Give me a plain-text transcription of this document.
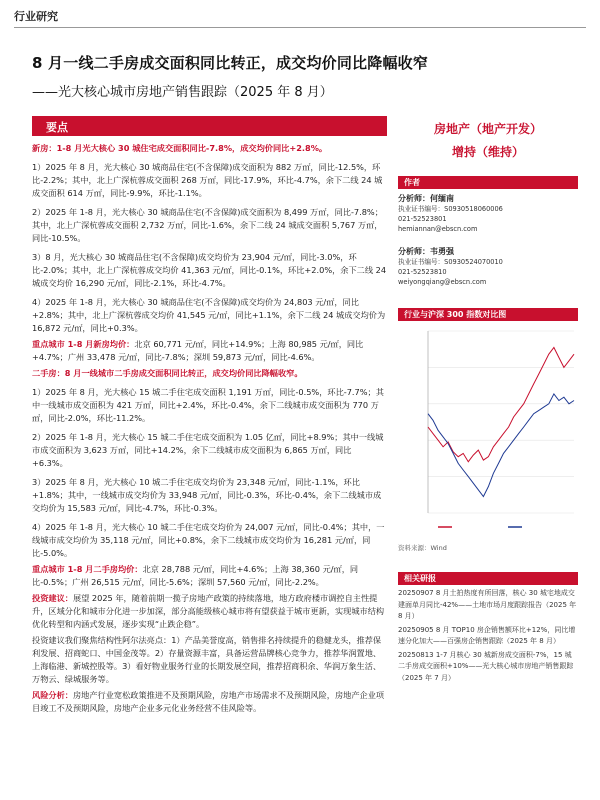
行业研究
8 月一线二手房成交面积同比转正，成交均价同比降幅收窄
——光大核心城市房地产销售跟踪（2025 年 8 月）
要点

新房：1-8 月光大核心 30 城住宅成交面积同比-7.8%，成交均价同比+2.8%。

1）2025 年 8 月，光大核心 30 城商品住宅(不含保障)成交面积为 882 万㎡，同比-12.5%，环比-2.2%；其中，北上广深杭蓉成交面积 268 万㎡，同比-17.9%，环比-4.7%，余下二线 24 城成交面积 614 万㎡，同比-9.9%，环比-1.1%。

2）2025 年 1-8 月，光大核心 30 城商品住宅(不含保障)成交面积为 8,499 万㎡，同比-7.8%；其中，北上广深杭蓉成交面积 2,732 万㎡，同比-1.6%，余下二线 24 城成交面积 5,767 万㎡，同比-10.5%。

3）8 月，光大核心 30 城商品住宅(不含保障)成交均价为 23,904 元/㎡，同比-3.0%，环比-2.0%；其中，北上广深杭蓉成交均价 41,363 元/㎡，同比-0.1%，环比+2.0%，余下二线 24 城成交均价 16,290 元/㎡，同比-2.1%，环比-4.7%。

4）2025 年 1-8 月，光大核心 30 城商品住宅(不含保障)成交均价为 24,803 元/㎡，同比+2.8%；其中，北上广深杭蓉成交均价 41,545 元/㎡，同比+1.1%，余下二线 24 城成交均价为 16,872 元/㎡，同比+0.3%。

重点城市 1-8 月新房均价：北京 60,771 元/㎡，同比+14.9%；上海 80,985 元/㎡，同比+4.7%；广州 33,478 元/㎡，同比-7.8%；深圳 59,873 元/㎡，同比-4.6%。

二手房：8 月一线城市二手房成交面积同比转正，成交均价同比降幅收窄。

1）2025 年 8 月，光大核心 15 城二手住宅成交面积 1,191 万㎡，同比-0.5%，环比-7.7%；其中一线城市成交面积为 421 万㎡，同比+2.4%，环比-0.4%，余下二线城市成交面积为 770 万㎡，同比-2.0%，环比-11.2%。

2）2025 年 1-8 月，光大核心 15 城二手住宅成交面积为 1.05 亿㎡，同比+8.9%；其中一线城市成交面积为 3,623 万㎡，同比+14.2%，余下二线城市成交面积为 6,865 万㎡，同比+6.3%。

3）2025 年 8 月，光大核心 10 城二手住宅成交均价为 23,348 元/㎡，同比-1.1%，环比+1.8%；其中，一线城市成交均价为 33,948 元/㎡，同比-0.3%，环比-0.4%，余下二线城市成交均价为 15,583 元/㎡，同比-4.7%，环比-0.3%。

4）2025 年 1-8 月，光大核心 10 城二手住宅成交均价为 24,007 元/㎡，同比-0.4%；其中，一线城市成交均价为 35,118 元/㎡，同比+0.8%，余下二线城市成交均价为 16,281 元/㎡，同比-5.0%。

重点城市 1-8 月二手房均价：北京 28,788 元/㎡，同比+4.6%；上海 38,360 元/㎡，同比-0.5%；广州 26,515 元/㎡，同比-5.6%；深圳 57,560 元/㎡，同比-2.2%。

投资建议：展望 2025 年，随着前期一揽子房地产政策的持续落地，地方政府楼市调控自主性提升，区域分化和城市分化进一步加深，部分高能级核心城市将有望获益于城市更新，实现城市结构优化转型和内涵式发展，逐步实现“止跌企稳”。

投资建议我们聚焦结构性阿尔法亮点：1）产品美誉度高，销售排名持续提升的稳健龙头，推荐保利发展、招商蛇口、中国金茂等。2）存量资源丰富，具备运营品牌核心竞争力，推荐华润置地、上海临港、新城控股等。3）看好物业服务行业的长期发展空间，推荐招商积余、华润万象生活、万物云、绿城服务等。

风险分析：房地产行业宽松政策推进不及预期风险，房地产市场需求不及预期风险，房地产企业项目竣工不及预期风险，房地产企业多元化业务经营不佳风险等。

房地产（地产开发）
增持（维持）
作者
分析师：何缅南
执业证书编号：S0930518060006
021-52523801
hemiannan@ebscn.com
分析师：韦勇强
执业证书编号：S0930524070010
021-52523810
weiyongqiang@ebscn.com
行业与沪深 300 指数对比图
资料来源：Wind
相关研报

20250907 8 月土拍热度有所回落，核心 30 城宅地成交建面单月同比-42%——土地市场月度跟踪报告（2025 年 8 月）

20250905 8 月 TOP10 房企销售额环比+12%，同比增速分化加大——百强房企销售跟踪（2025 年 8 月）

20250813 1-7 月核心 30 城新房成交面积-7%，15 城二手房成交面积+10%——光大核心城市房地产销售跟踪（2025 年 7 月）
